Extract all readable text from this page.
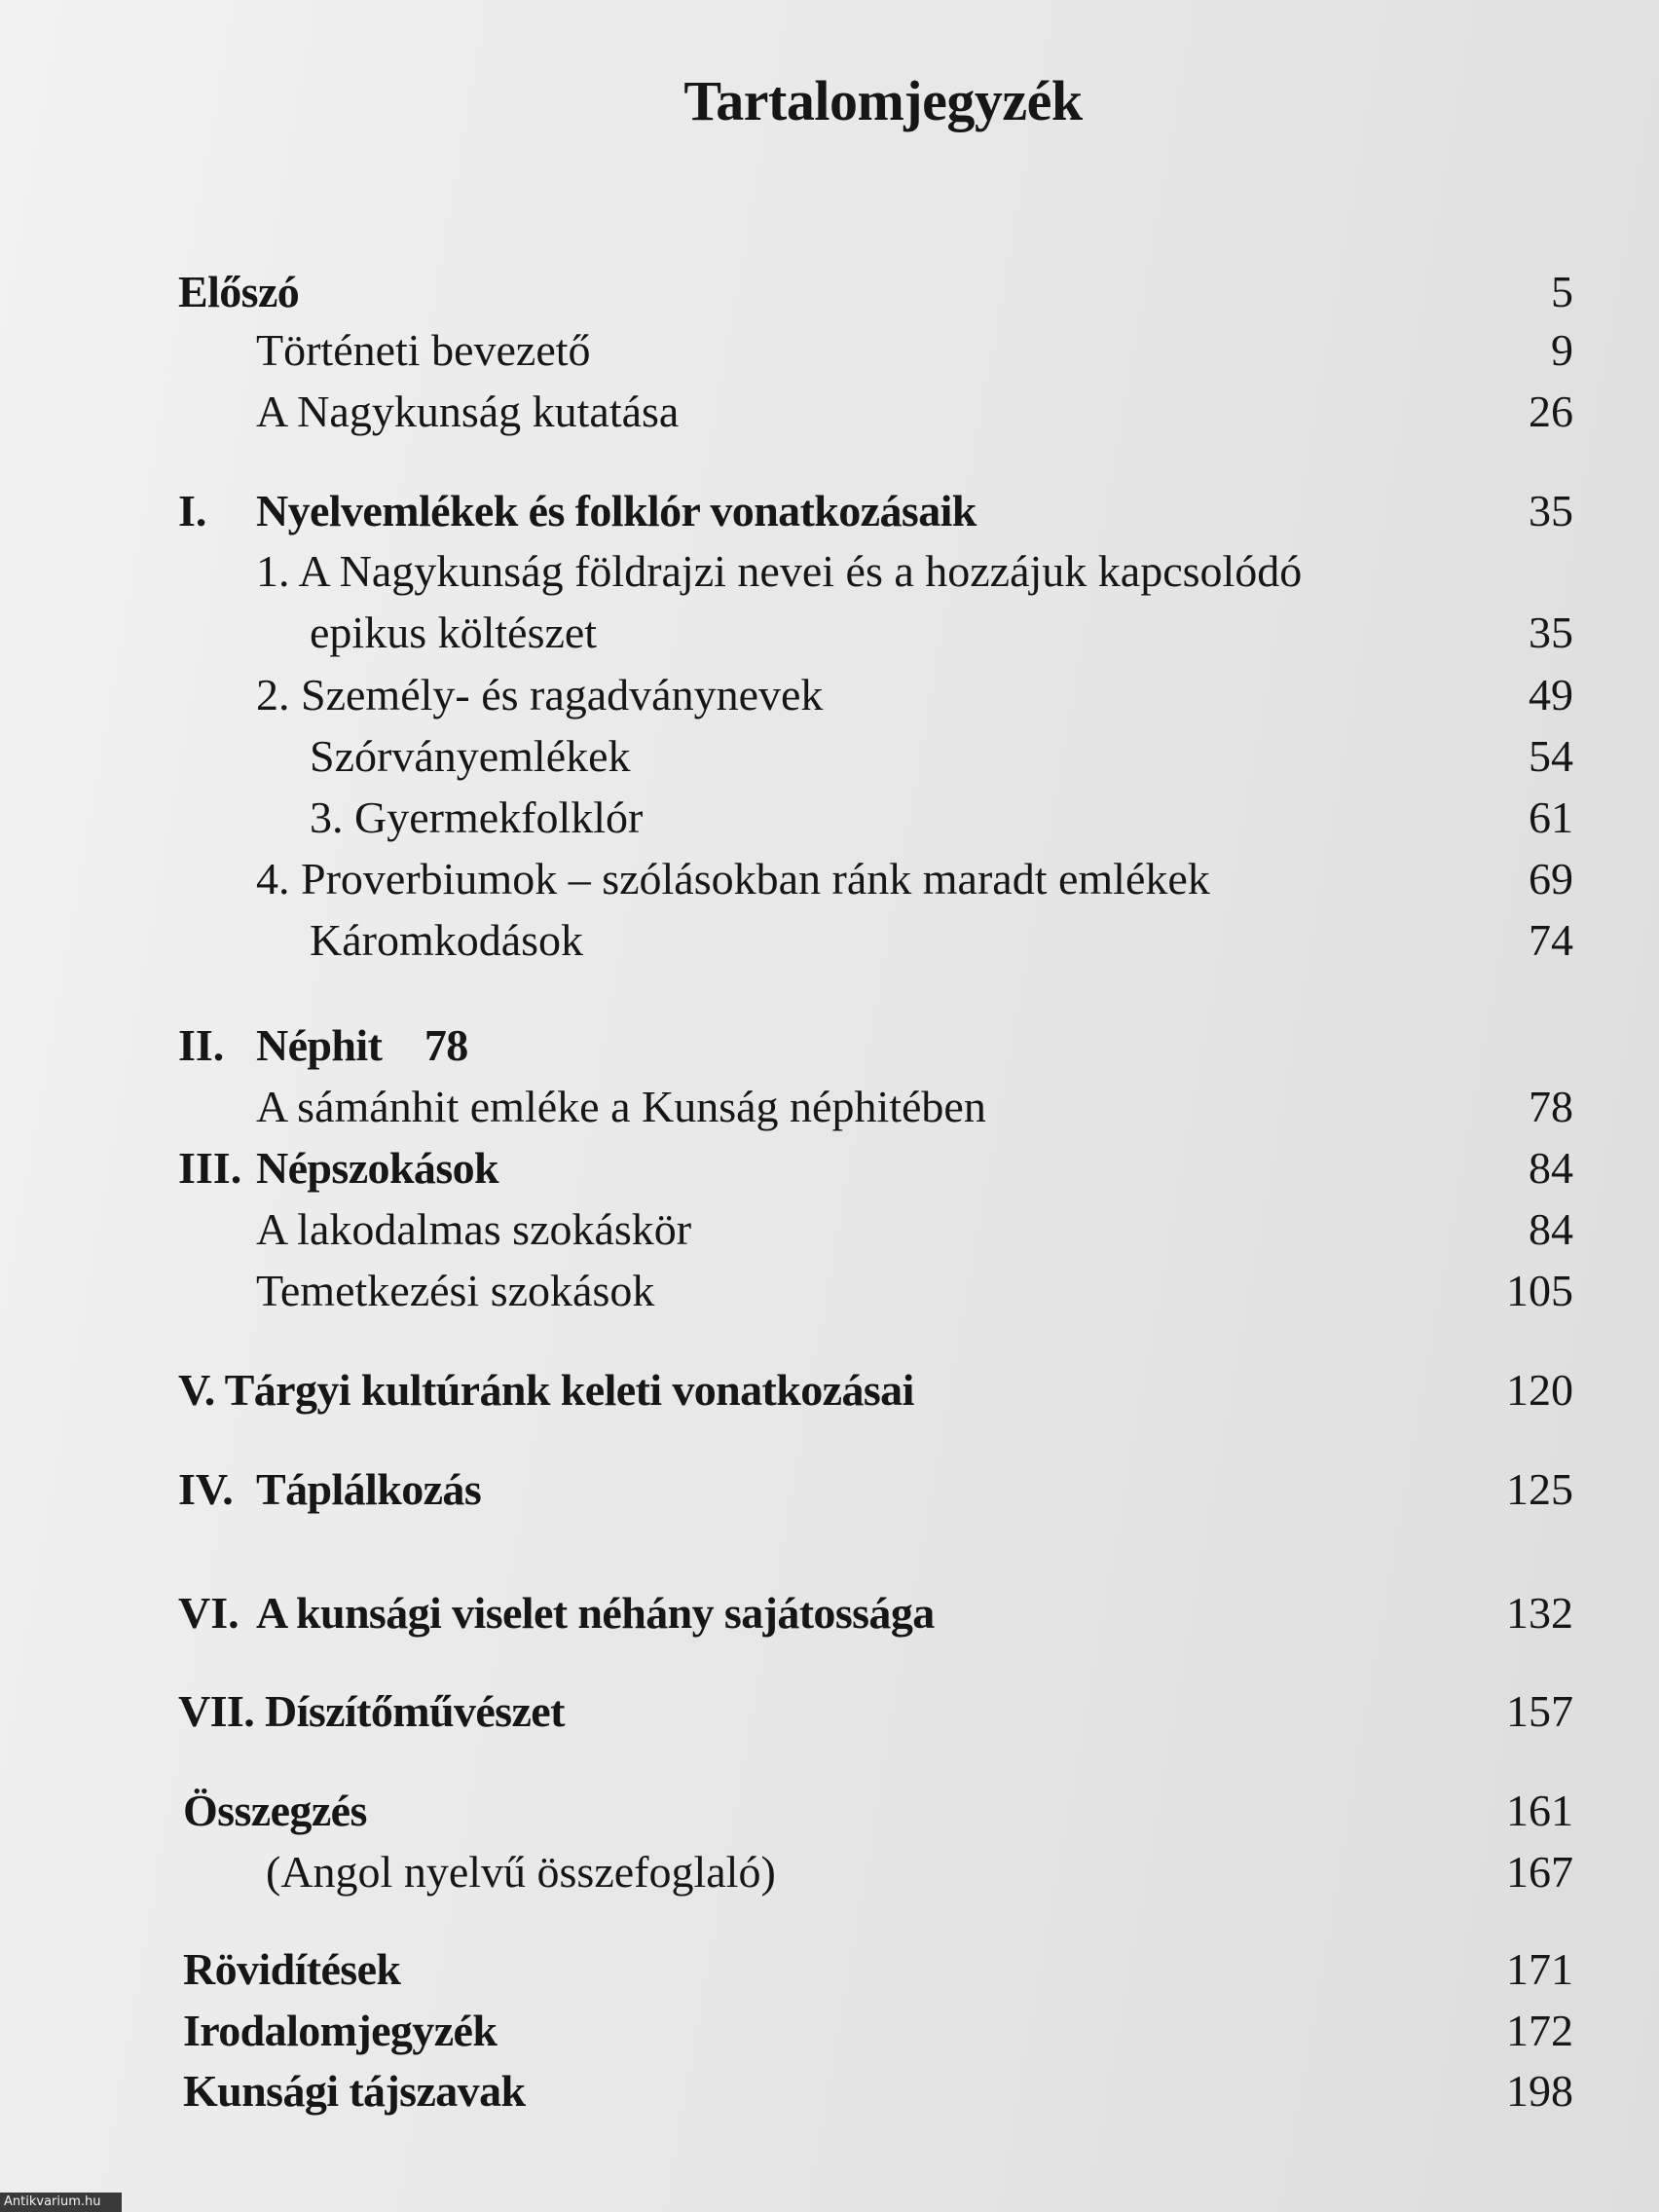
Tartalomjegyzék
Előszó	5
Történeti bevezető	9
A Nagykunság kutatása	26
I. Nyelvemlékek és folklór vonatkozásaik	35
1. A Nagykunság földrajzi nevei és a hozzájuk kapcsolódó
epikus költészet	35
2. Személy- és ragadványnevek	49
Szórványemlékek	54
3. Gyermekfolklór	61
4. Proverbiumok – szólásokban ránk maradt emlékek	69
Káromkodások	74
II. Néphit    78
A sámánhit emléke a Kunság néphitében	78
III. Népszokások	84
A lakodalmas szokáskör	84
Temetkezési szokások	105
V. Tárgyi kultúránk keleti vonatkozásai	120
IV. Táplálkozás	125
VI. A kunsági viselet néhány sajátossága	132
VII. Díszítőművészet	157
Összegzés	161
(Angol nyelvű összefoglaló)	167
Rövidítések	171
Irodalomjegyzék	172
Kunsági tájszavak	198
Antikvarium.hu
